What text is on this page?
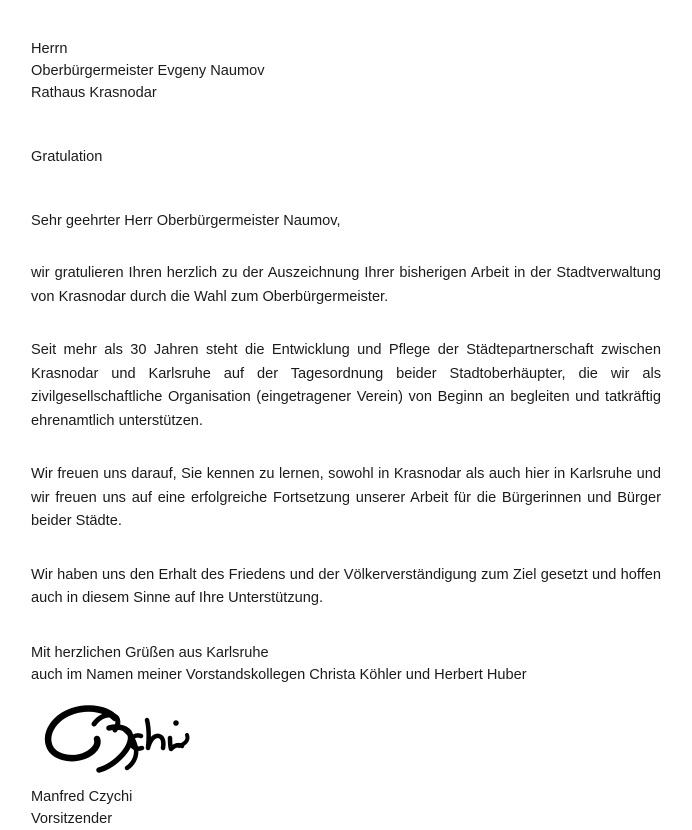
Herrn
Oberbürgermeister Evgeny Naumov
Rathaus Krasnodar
Gratulation
Sehr geehrter Herr Oberbürgermeister Naumov,

wir gratulieren Ihren herzlich zu der Auszeichnung Ihrer bisherigen Arbeit in der Stadtverwaltung von Krasnodar durch die Wahl zum Oberbürgermeister.

Seit mehr als 30 Jahren steht die Entwicklung und Pflege der Städtepartnerschaft zwischen Krasnodar und Karlsruhe auf der Tagesordnung beider Stadtoberhäupter, die wir als zivilgesellschaftliche Organisation (eingetragener Verein) von Beginn an begleiten und tatkräftig ehrenamtlich unterstützen.

Wir freuen uns darauf, Sie kennen zu lernen, sowohl in Krasnodar als auch hier in Karlsruhe und wir freuen uns auf eine erfolgreiche Fortsetzung unserer Arbeit für die Bürgerinnen und Bürger beider Städte.

Wir haben uns den Erhalt des Friedens und der Völkerverständigung zum Ziel gesetzt und hoffen auch in diesem Sinne auf Ihre Unterstützung.

Mit herzlichen Grüßen aus Karlsruhe
auch im Namen meiner Vorstandskollegen Christa Köhler und Herbert Huber
Manfred Czychi
Vorsitzender
